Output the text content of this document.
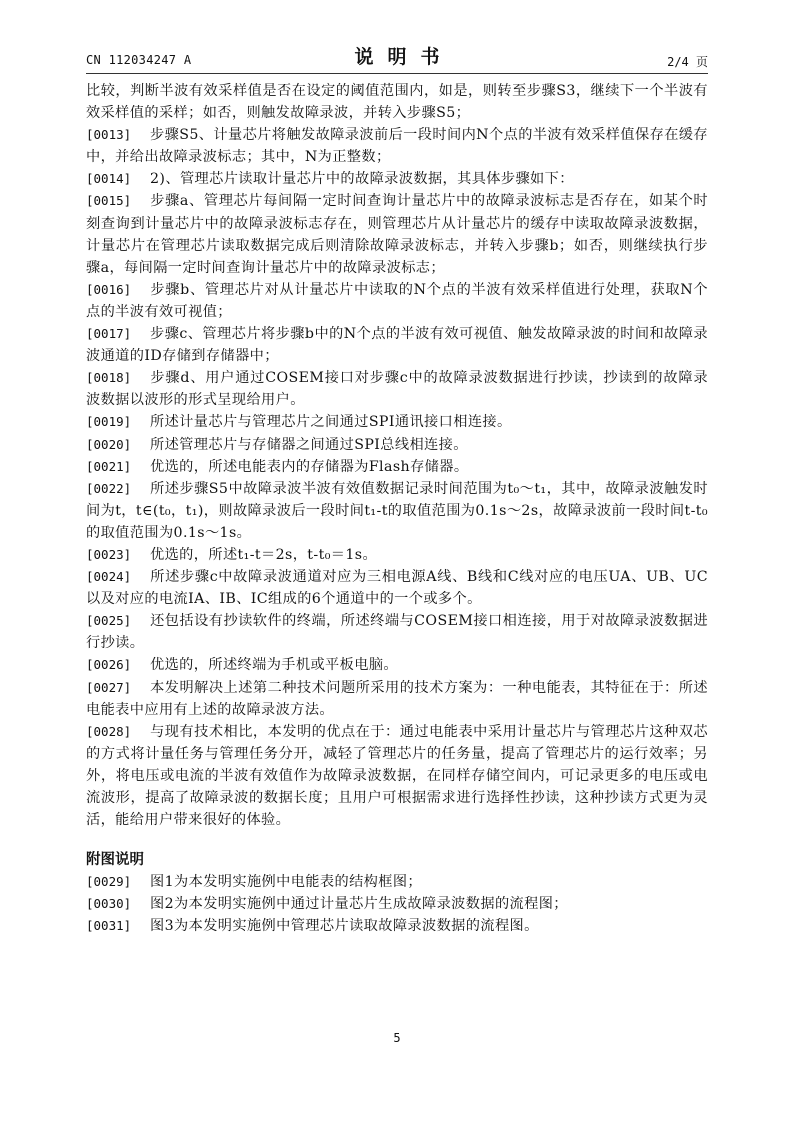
CN 112034247 A	说明书	2/4 页

比较，判断半波有效采样值是否在设定的阈值范围内，如是，则转至步骤S3，继续下一个半波有效采样值的采样；如否，则触发故障录波，并转入步骤S5；

[0013] 步骤S5、计量芯片将触发故障录波前后一段时间内N个点的半波有效采样值保存在缓存中，并给出故障录波标志；其中，N为正整数；

[0014] 2)、管理芯片读取计量芯片中的故障录波数据，其具体步骤如下：

[0015] 步骤a、管理芯片每间隔一定时间查询计量芯片中的故障录波标志是否存在，如某个时刻查询到计量芯片中的故障录波标志存在，则管理芯片从计量芯片的缓存中读取故障录波数据，计量芯片在管理芯片读取数据完成后则清除故障录波标志，并转入步骤b；如否，则继续执行步骤a，每间隔一定时间查询计量芯片中的故障录波标志；

[0016] 步骤b、管理芯片对从计量芯片中读取的N个点的半波有效采样值进行处理，获取N个点的半波有效可视值；

[0017] 步骤c、管理芯片将步骤b中的N个点的半波有效可视值、触发故障录波的时间和故障录波通道的ID存储到存储器中；

[0018] 步骤d、用户通过COSEM接口对步骤c中的故障录波数据进行抄读，抄读到的故障录波数据以波形的形式呈现给用户。

[0019] 所述计量芯片与管理芯片之间通过SPI通讯接口相连接。

[0020] 所述管理芯片与存储器之间通过SPI总线相连接。

[0021] 优选的，所述电能表内的存储器为Flash存储器。

[0022] 所述步骤S5中故障录波半波有效值数据记录时间范围为t₀～t₁，其中，故障录波触发时间为t，t∈(t₀，t₁)，则故障录波后一段时间t₁-t的取值范围为0.1s～2s，故障录波前一段时间t-t₀的取值范围为0.1s～1s。

[0023] 优选的，所述t₁-t＝2s，t-t₀＝1s。

[0024] 所述步骤c中故障录波通道对应为三相电源A线、B线和C线对应的电压UA、UB、UC以及对应的电流IA、IB、IC组成的6个通道中的一个或多个。

[0025] 还包括设有抄读软件的终端，所述终端与COSEM接口相连接，用于对故障录波数据进行抄读。

[0026] 优选的，所述终端为手机或平板电脑。

[0027] 本发明解决上述第二种技术问题所采用的技术方案为：一种电能表，其特征在于：所述电能表中应用有上述的故障录波方法。

[0028] 与现有技术相比，本发明的优点在于：通过电能表中采用计量芯片与管理芯片这种双芯的方式将计量任务与管理任务分开，减轻了管理芯片的任务量，提高了管理芯片的运行效率；另外，将电压或电流的半波有效值作为故障录波数据，在同样存储空间内，可记录更多的电压或电流波形，提高了故障录波的数据长度；且用户可根据需求进行选择性抄读，这种抄读方式更为灵活，能给用户带来很好的体验。

附图说明

[0029] 图1为本发明实施例中电能表的结构框图；

[0030] 图2为本发明实施例中通过计量芯片生成故障录波数据的流程图；

[0031] 图3为本发明实施例中管理芯片读取故障录波数据的流程图。

5
